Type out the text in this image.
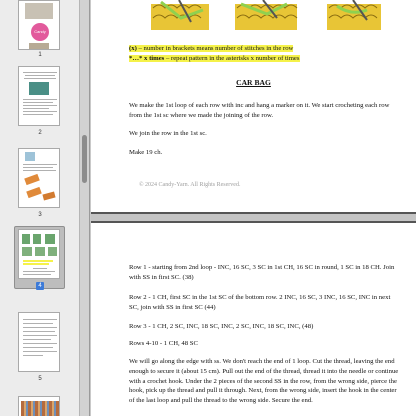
Candy
1
2
3
4
5
(x) – number in brackets means number of stitches in the row
*…* x times – repeat pattern in the asterisks x number of times
CAR BAG
We make the 1st loop of each row with inc and hang a marker on it. We start crocheting each row from the 1st sc where we made the joining of the row.
We join the row in the 1st sc.
Make 19 ch.
© 2024 Candy-Yarn. All Rights Reserved.
Row 1 - starting from 2nd loop - INC, 16 SC, 3 SC in 1st CH, 16 SC in round, 1 SC in 18 CH. Join with SS in first SC. (38)
Row 2 - 1 CH, first SC in the 1st SC of the bottom row. 2 INC, 16 SC, 3 INC, 16 SC, INC in next SC, join with SS in first SC (44)
Row 3 - 1 CH, 2 SC, INC, 18 SC, INC, 2 SC, INC, 18 SC, INC, (48)
Rows 4-10 - 1 CH, 48 SC
We will go along the edge with ss. We don't reach the end of 1 loop. Cut the thread, leaving the end enough to secure it (about 15 cm). Pull out the end of the thread, thread it into the needle or continue with a crochet hook. Under the 2 pieces of the second SS in the row, from the wrong side, pierce the hook, pick up the thread and pull it through. Next, from the wrong side, insert the hook in the center of the last loop and pull the thread to the wrong side. Secure the end.
